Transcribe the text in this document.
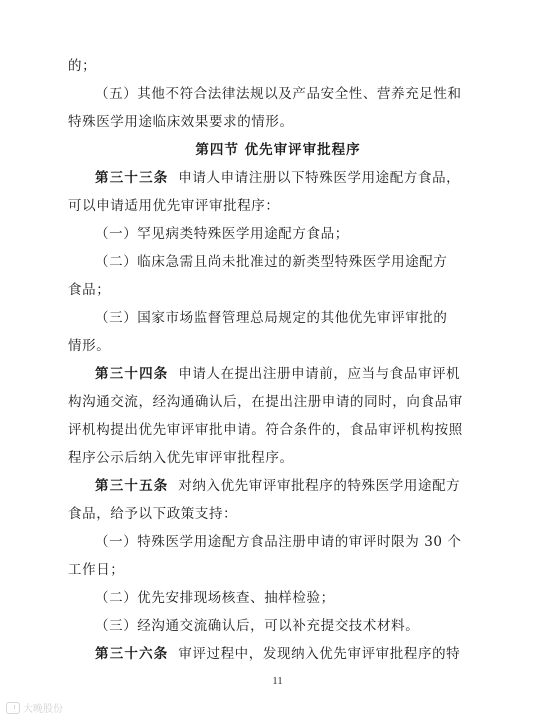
的；
（五）其他不符合法律法规以及产品安全性、营养充足性和
特殊医学用途临床效果要求的情形。
第四节 优先审评审批程序
第三十三条  申请人申请注册以下特殊医学用途配方食品，
可以申请适用优先审评审批程序：
（一）罕见病类特殊医学用途配方食品；
（二）临床急需且尚未批准过的新类型特殊医学用途配方
食品；
（三）国家市场监督管理总局规定的其他优先审评审批的
情形。
第三十四条  申请人在提出注册申请前，应当与食品审评机
构沟通交流，经沟通确认后，在提出注册申请的同时，向食品审
评机构提出优先审评审批申请。符合条件的，食品审评机构按照
程序公示后纳入优先审评审批程序。
第三十五条  对纳入优先审评审批程序的特殊医学用途配方
食品，给予以下政策支持：
（一）特殊医学用途配方食品注册申请的审评时限为 30 个
工作日；
（二）优先安排现场核查、抽样检验；
（三）经沟通交流确认后，可以补充提交技术材料。
第三十六条  审评过程中，发现纳入优先审评审批程序的特
11
大晚股份
